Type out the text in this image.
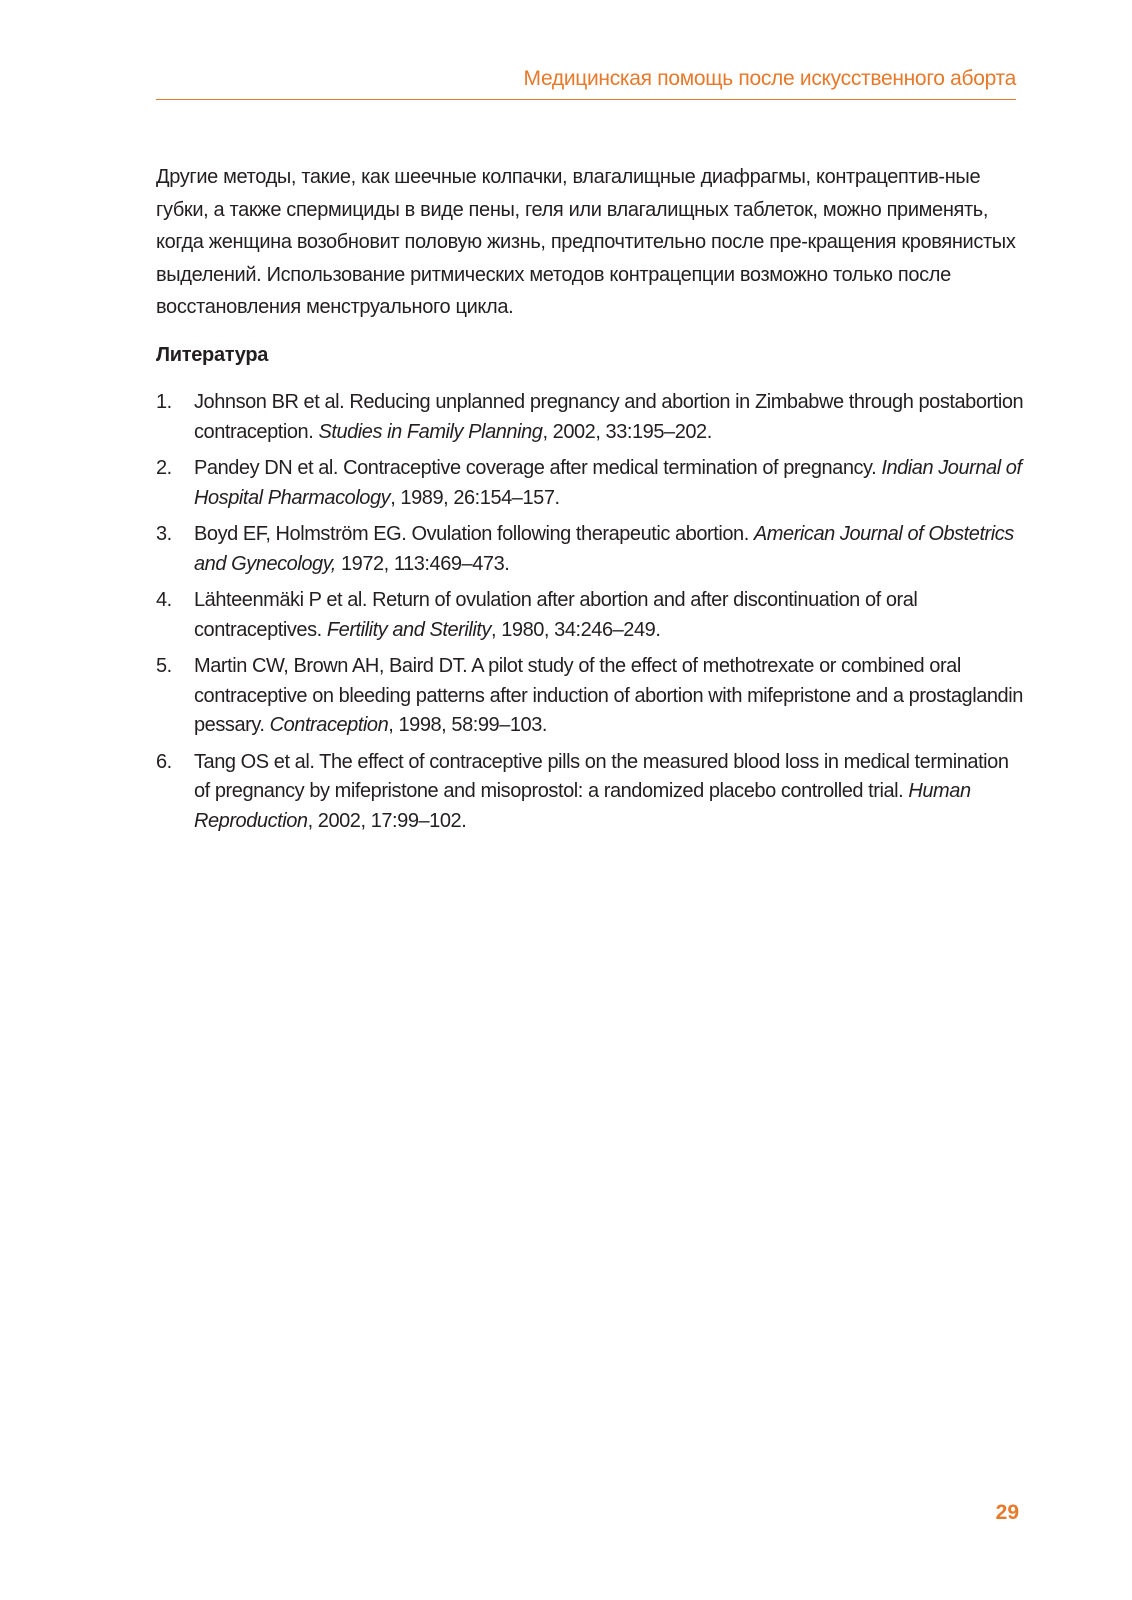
Медицинская помощь после искусственного аборта

Другие методы, такие, как шеечные колпачки, влагалищные диафрагмы, контрацептив-ные губки, а также спермициды в виде пены, геля или влагалищных таблеток, можно применять, когда женщина возобновит половую жизнь, предпочтительно после пре-кращения кровянистых выделений. Использование ритмических методов контрацепции возможно только после восстановления менструального цикла.

Литература
1. Johnson BR et al. Reducing unplanned pregnancy and abortion in Zimbabwe through postabortion contraception. Studies in Family Planning, 2002, 33:195–202.
2. Pandey DN et al. Contraceptive coverage after medical termination of pregnancy. Indian Journal of Hospital Pharmacology, 1989, 26:154–157.
3. Boyd EF, Holmström EG. Ovulation following therapeutic abortion. American Journal of Obstetrics and Gynecology, 1972, 113:469–473.
4. Lähteenmäki P et al. Return of ovulation after abortion and after discontinuation of oral contraceptives. Fertility and Sterility, 1980, 34:246–249.
5. Martin CW, Brown AH, Baird DT. A pilot study of the effect of methotrexate or combined oral contraceptive on bleeding patterns after induction of abortion with mifepristone and a prostaglandin pessary. Contraception, 1998, 58:99–103.
6. Tang OS et al. The effect of contraceptive pills on the measured blood loss in medical termination of pregnancy by mifepristone and misoprostol: a randomized placebo controlled trial. Human Reproduction, 2002, 17:99–102.
29
